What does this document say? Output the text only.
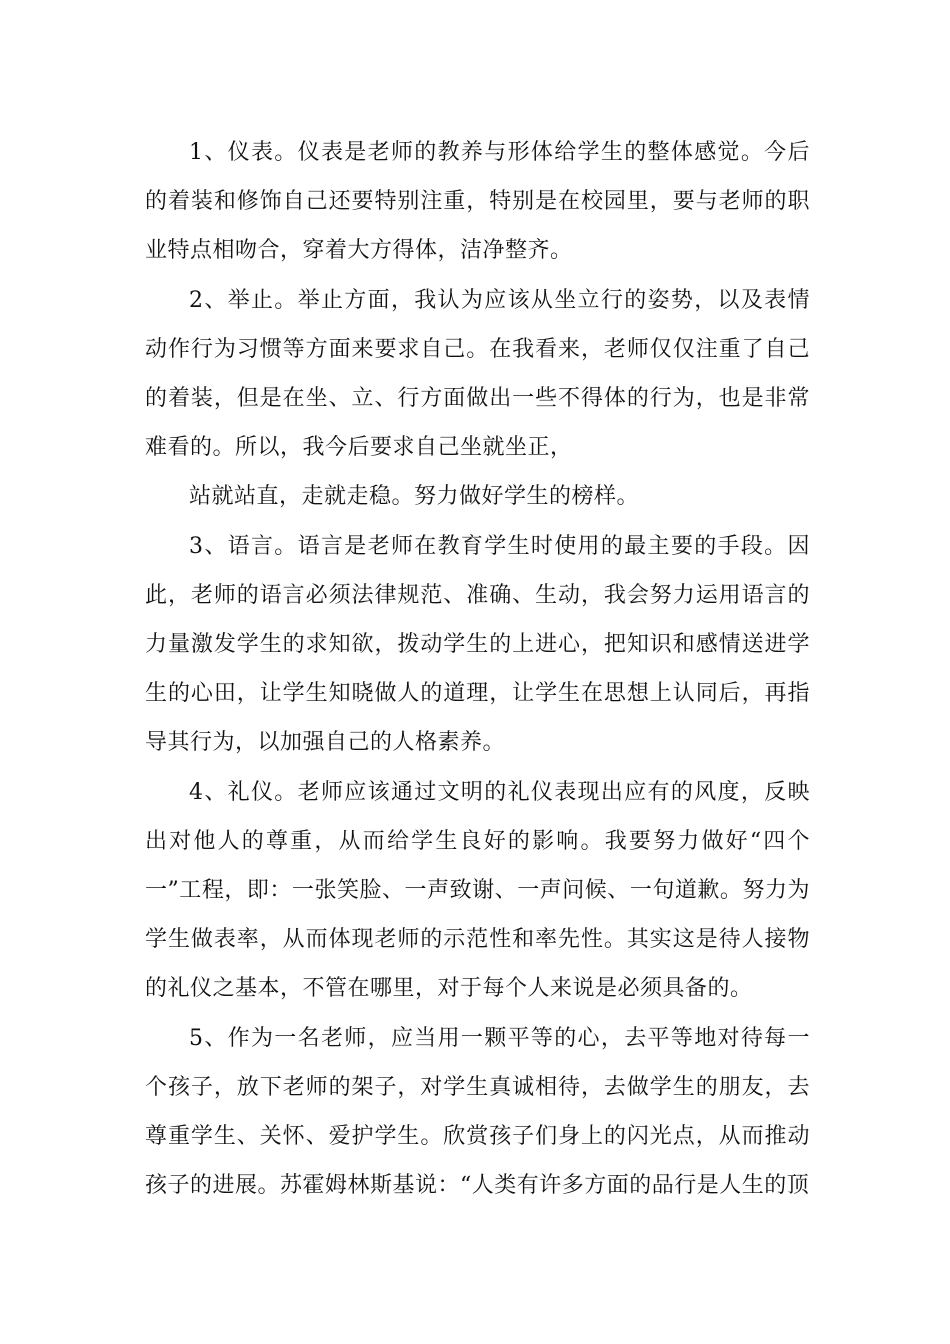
1、仪表。仪表是老师的教养与形体给学生的整体感觉。今后的着装和修饰自己还要特别注重，特别是在校园里，要与老师的职业特点相吻合，穿着大方得体，洁净整齐。

2、举止。举止方面，我认为应该从坐立行的姿势，以及表情动作行为习惯等方面来要求自己。在我看来，老师仅仅注重了自己的着装，但是在坐、立、行方面做出一些不得体的行为，也是非常难看的。所以，我今后要求自己坐就坐正，

站就站直，走就走稳。努力做好学生的榜样。

3、语言。语言是老师在教育学生时使用的最主要的手段。因此，老师的语言必须法律规范、准确、生动，我会努力运用语言的力量激发学生的求知欲，拨动学生的上进心，把知识和感情送进学生的心田，让学生知晓做人的道理，让学生在思想上认同后，再指导其行为，以加强自己的人格素养。

4、礼仪。老师应该通过文明的礼仪表现出应有的风度，反映出对他人的尊重，从而给学生良好的影响。我要努力做好“四个一”工程，即：一张笑脸、一声致谢、一声问候、一句道歉。努力为学生做表率，从而体现老师的示范性和率先性。其实这是待人接物的礼仪之基本，不管在哪里，对于每个人来说是必须具备的。

5、作为一名老师，应当用一颗平等的心，去平等地对待每一个孩子，放下老师的架子，对学生真诚相待，去做学生的朋友，去尊重学生、关怀、爱护学生。欣赏孩子们身上的闪光点，从而推动孩子的进展。苏霍姆林斯基说：“人类有许多方面的品行是人生的顶
